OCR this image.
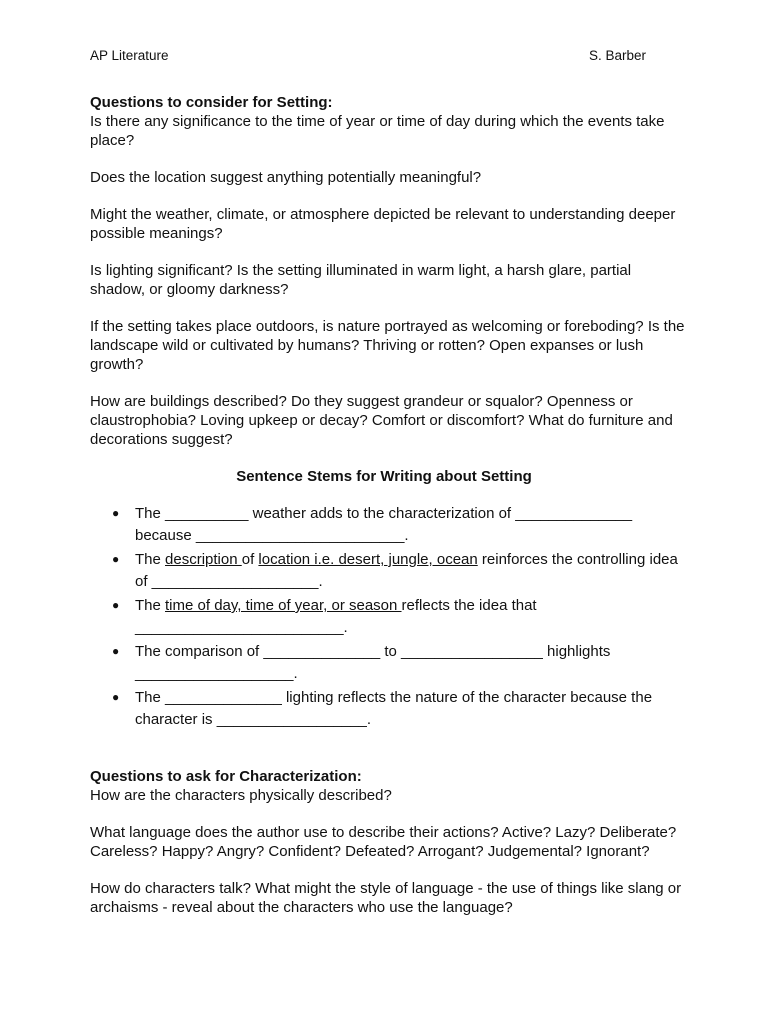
AP Literature	S. Barber

Questions to consider for Setting:

Is there any significance to the time of year or time of day during which the events take place?

Does the location suggest anything potentially meaningful?

Might the weather, climate, or atmosphere depicted be relevant to understanding deeper possible meanings?

Is lighting significant? Is the setting illuminated in warm light, a harsh glare, partial shadow, or gloomy darkness?

If the setting takes place outdoors, is nature portrayed as welcoming or foreboding? Is the landscape wild or cultivated by humans? Thriving or rotten? Open expanses or lush growth?

How are buildings described? Do they suggest grandeur or squalor? Openness or claustrophobia? Loving upkeep or decay? Comfort or discomfort? What do furniture and decorations suggest?

Sentence Stems for Writing about Setting

● The __________ weather adds to the characterization of ______________ because _________________________.
● The description of location i.e. desert, jungle, ocean reinforces the controlling idea of ____________________.
● The time of day, time of year, or season reflects the idea that _________________________.
● The comparison of ______________ to _________________ highlights ___________________.
● The ______________ lighting reflects the nature of the character because the character is __________________.

Questions to ask for Characterization:

How are the characters physically described?

What language does the author use to describe their actions? Active? Lazy? Deliberate? Careless? Happy? Angry? Confident? Defeated? Arrogant? Judgemental? Ignorant?

How do characters talk? What might the style of language - the use of things like slang or archaisms - reveal about the characters who use the language?
